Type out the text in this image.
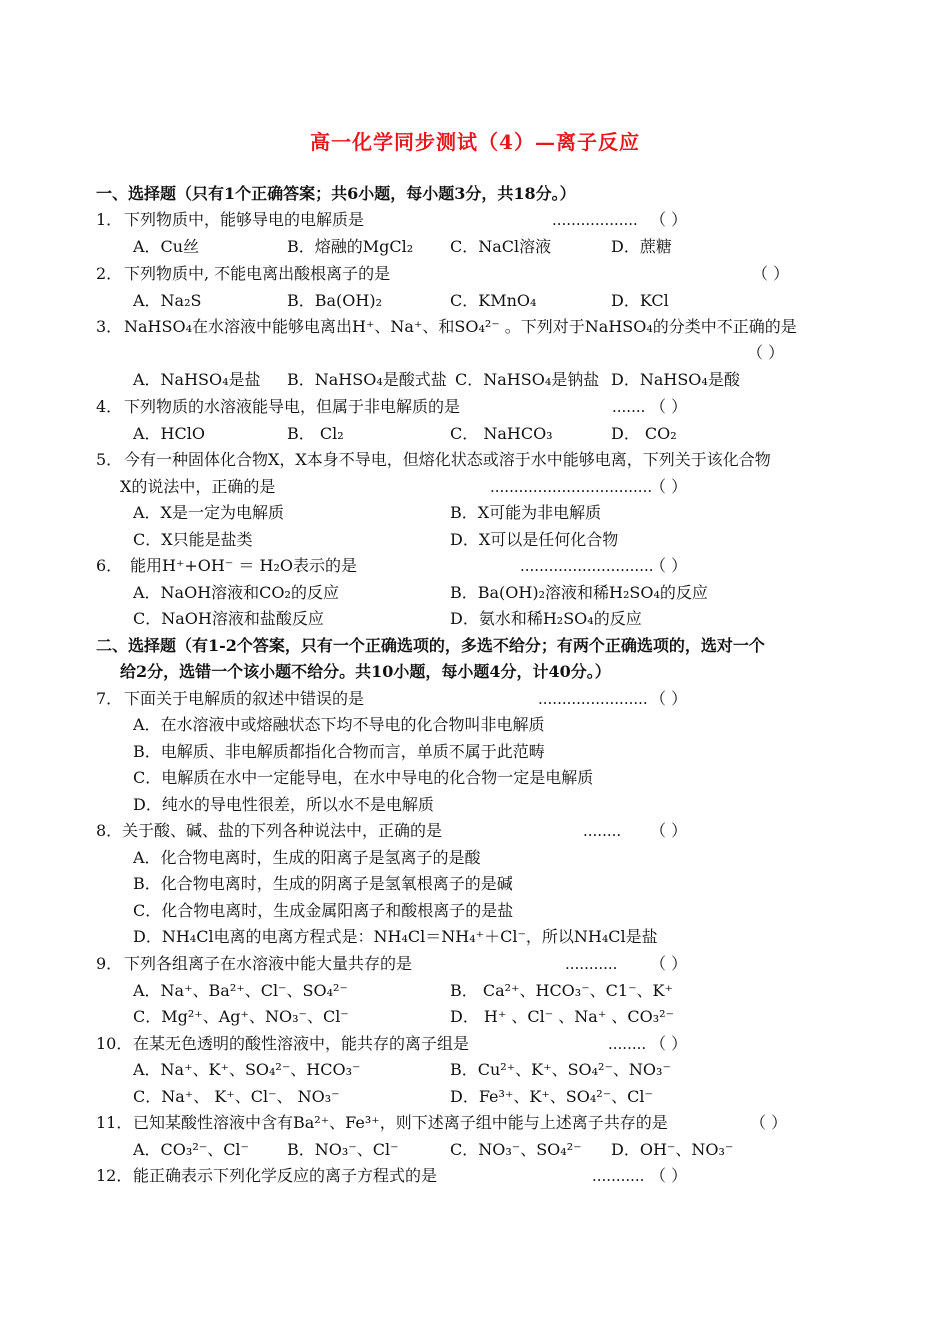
高一化学同步测试（4）—离子反应
一、选择题（只有1个正确答案；共6小题，每小题3分，共18分。）
1． 下列物质中，能够导电的电解质是	.................. （ ）
A．Cu丝	B．熔融的MgCl₂ C．NaCl溶液	D．蔗糖
2． 下列物质中, 不能电离出酸根离子的是	（ ）
A．Na₂S	B．Ba(OH)₂	C．KMnO₄	D．KCl
3． NaHSO₄在水溶液中能够电离出H⁺、Na⁺、和SO₄²⁻ 。下列对于NaHSO₄的分类中不正确的是
（ ）
A．NaHSO₄是盐 B．NaHSO₄是酸式盐 C．NaHSO₄是钠盐 D．NaHSO₄是酸
4． 下列物质的水溶液能导电，但属于非电解质的是	....... （ ）
A．HClO	B． Cl₂	C． NaHCO₃	D． CO₂
5． 今有一种固体化合物X，X本身不导电，但熔化状态或溶于水中能够电离，下列关于该化合物
X的说法中，正确的是	..................................
（ ）
A．X是一定为电解质	B．X可能为非电解质
C．X只能是盐类	D．X可以是任何化合物
6． 能用H⁺+OH⁻ ＝ H₂O表示的是	............................
（ ）
A．NaOH溶液和CO₂的反应	B．Ba(OH)₂溶液和稀H₂SO₄的反应
C．NaOH溶液和盐酸反应	D．氨水和稀H₂SO₄的反应
二、选择题（有1-2个答案，只有一个正确选项的，多选不给分；有两个正确选项的，选对一个
给2分，选错一个该小题不给分。共10小题，每小题4分，计40分。）
7． 下面关于电解质的叙述中错误的是	....................... （ ）
A．在水溶液中或熔融状态下均不导电的化合物叫非电解质
B．电解质、非电解质都指化合物而言，单质不属于此范畴
C．电解质在水中一定能导电，在水中导电的化合物一定是电解质
D．纯水的导电性很差，所以水不是电解质
8． 关于酸、碱、盐的下列各种说法中，正确的是	........ （ ）
A．化合物电离时，生成的阳离子是氢离子的是酸
B．化合物电离时，生成的阴离子是氢氧根离子的是碱
C．化合物电离时，生成金属阳离子和酸根离子的是盐
D．NH₄Cl电离的电离方程式是：NH₄Cl＝NH₄⁺＋Cl⁻，所以NH₄Cl是盐
9． 下列各组离子在水溶液中能大量共存的是	........... （ ）
A．Na⁺、Ba²⁺、Cl⁻、SO₄²⁻	B． Ca²⁺、HCO₃⁻、C1⁻、K⁺
C．Mg²⁺、Ag⁺、NO₃⁻、Cl⁻	D． H⁺ 、Cl⁻ 、Na⁺ 、CO₃²⁻
10． 在某无色透明的酸性溶液中，能共存的离子组是	........ （ ）
A．Na⁺、K⁺、SO₄²⁻、HCO₃⁻	B．Cu²⁺、K⁺、SO₄²⁻、NO₃⁻
C．Na⁺、 K⁺、Cl⁻、 NO₃⁻	D．Fe³⁺、K⁺、SO₄²⁻、Cl⁻
11． 已知某酸性溶液中含有Ba²⁺、Fe³⁺，则下述离子组中能与上述离子共存的是	（ ）
A．CO₃²⁻、Cl⁻ B．NO₃⁻、Cl⁻	C．NO₃⁻、SO₄²⁻ D．OH⁻、NO₃⁻
12． 能正确表示下列化学反应的离子方程式的是	........... （ ）
